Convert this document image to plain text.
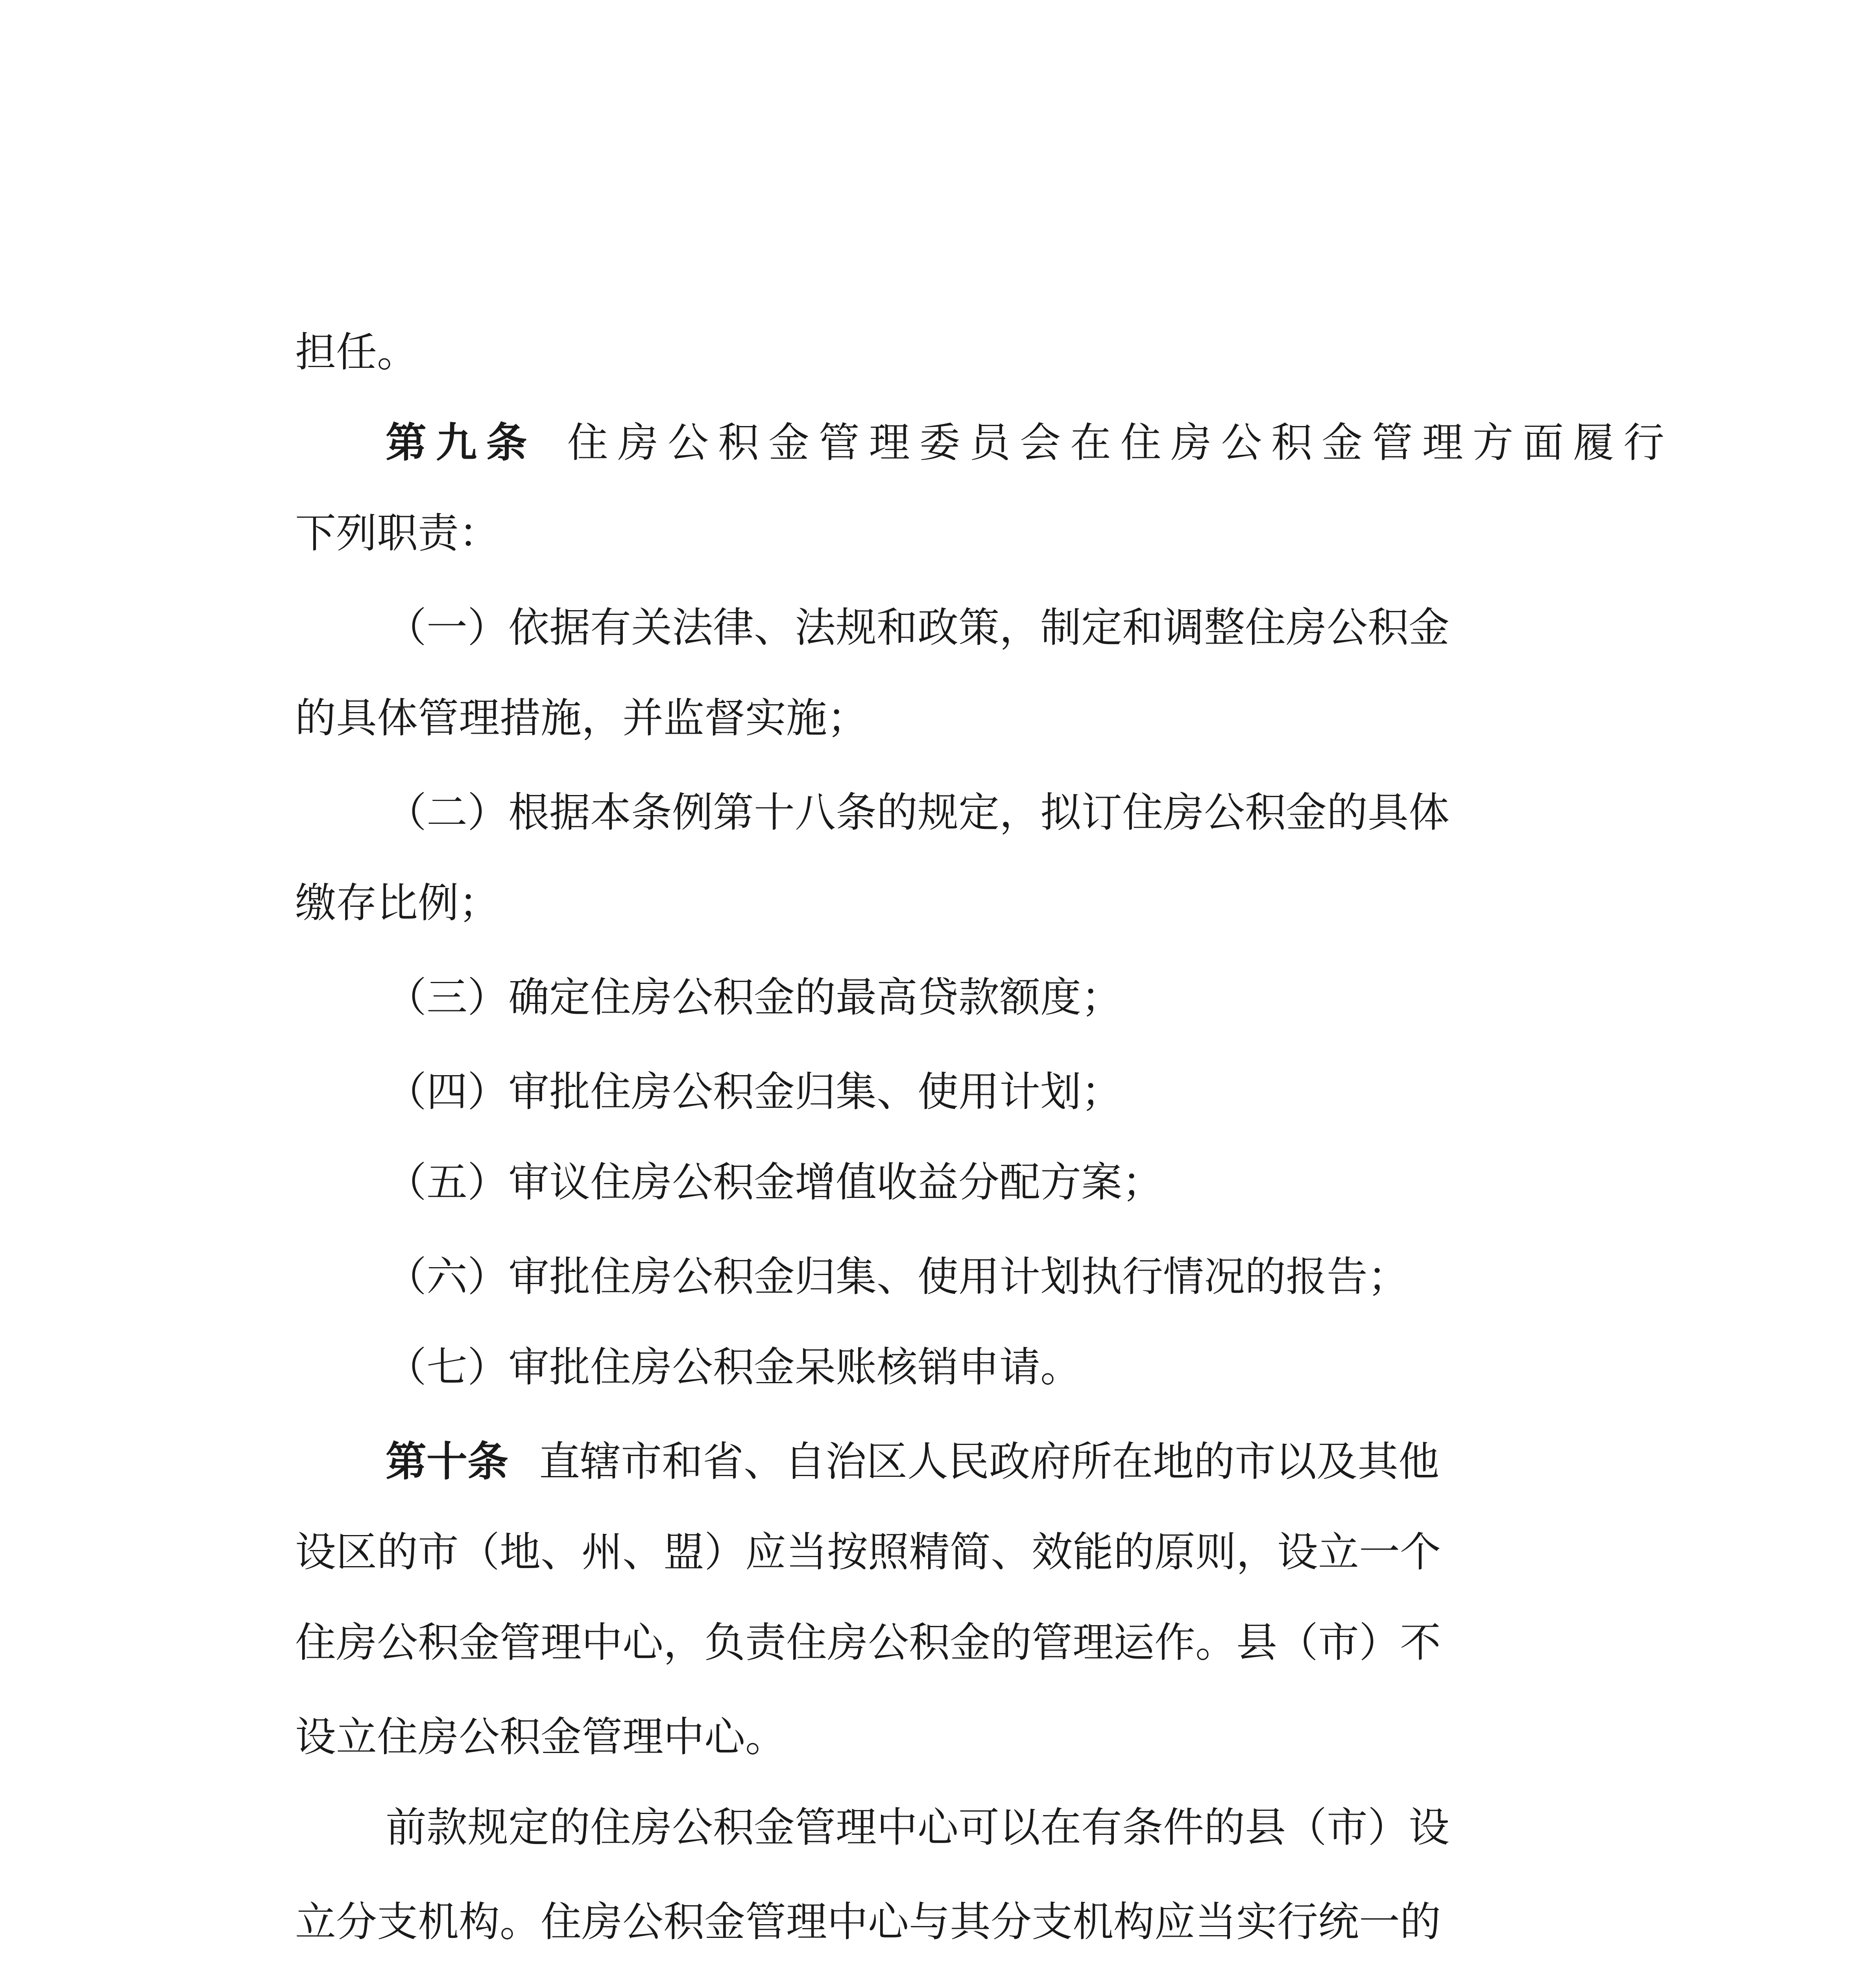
担任。
第九条 住房公积金管理委员会在住房公积金管理方面履行
下列职责：
（一）依据有关法律、法规和政策，制定和调整住房公积金
的具体管理措施，并监督实施；
（二）根据本条例第十八条的规定，拟订住房公积金的具体
缴存比例；
（三）确定住房公积金的最高贷款额度；
（四）审批住房公积金归集、使用计划；
（五）审议住房公积金增值收益分配方案；
（六）审批住房公积金归集、使用计划执行情况的报告；
（七）审批住房公积金呆账核销申请。
第十条 直辖市和省、自治区人民政府所在地的市以及其他
设区的市（地、州、盟）应当按照精简、效能的原则，设立一个
住房公积金管理中心，负责住房公积金的管理运作。县（市）不
设立住房公积金管理中心。
前款规定的住房公积金管理中心可以在有条件的县（市）设
立分支机构。住房公积金管理中心与其分支机构应当实行统一的
